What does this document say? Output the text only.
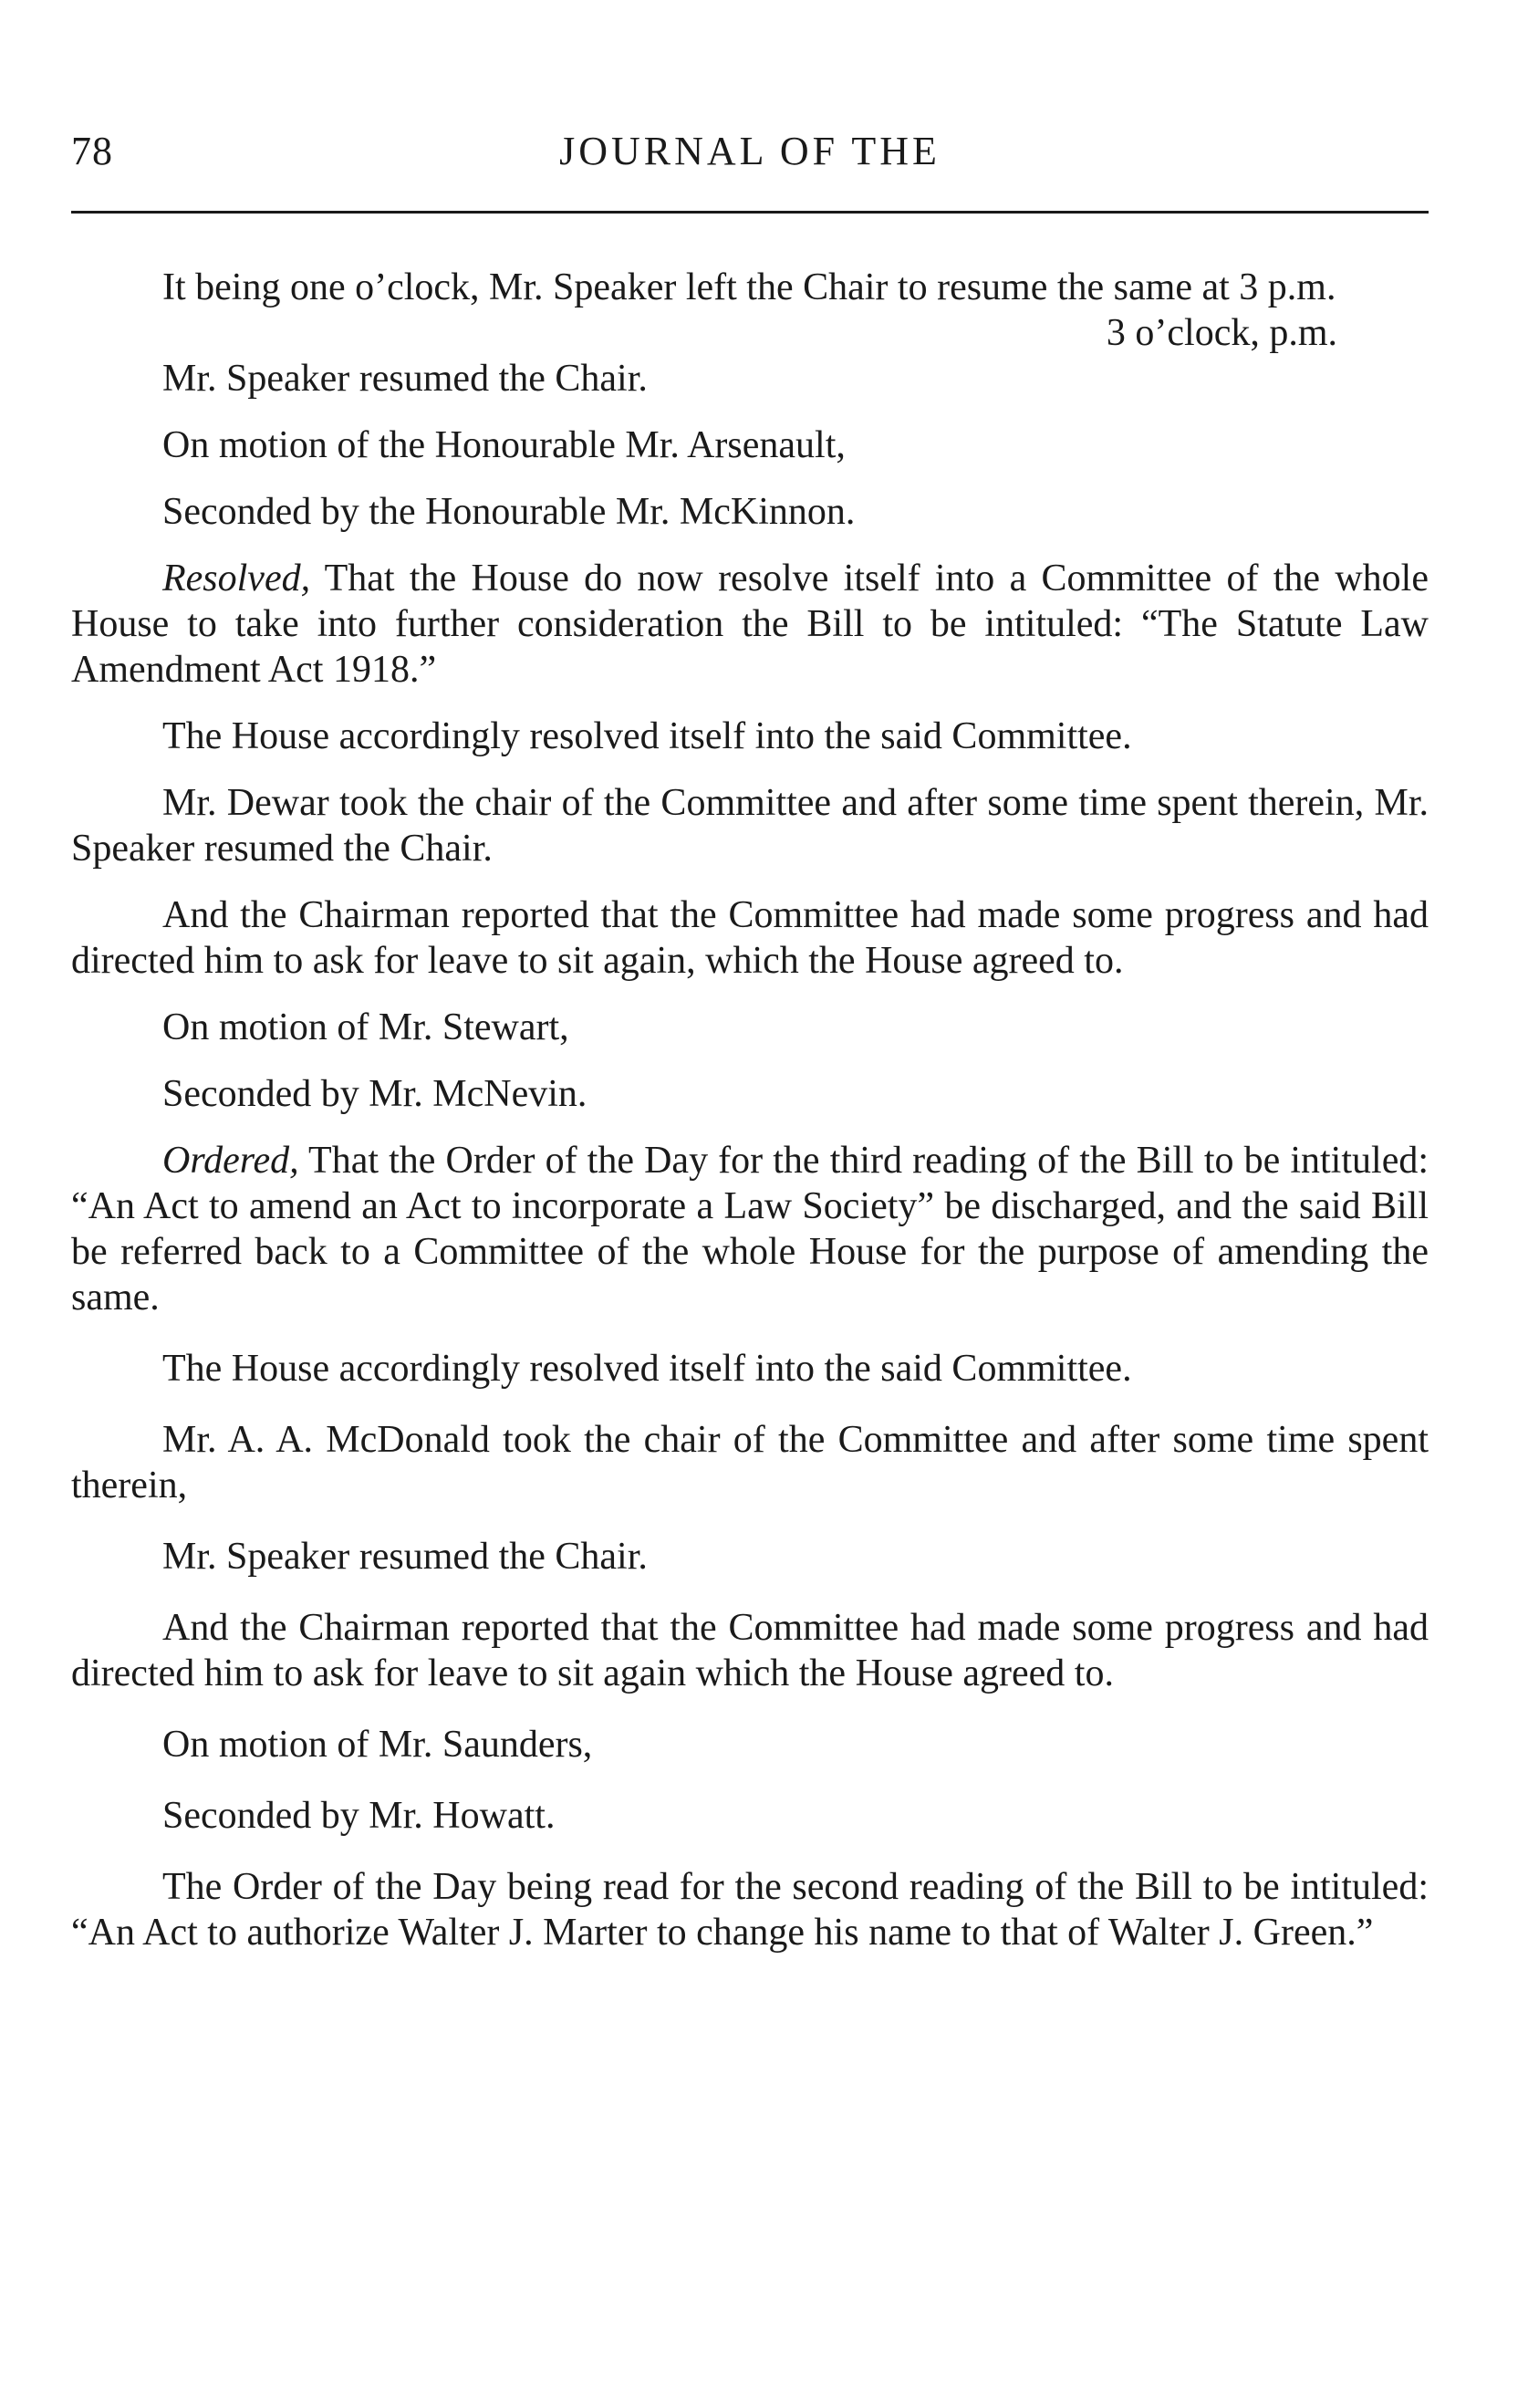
78	JOURNAL OF THE

It being one o’clock, Mr. Speaker left the Chair to resume the same at 3 p.m.

3 o’clock, p.m.

Mr. Speaker resumed the Chair.

On motion of the Honourable Mr. Arsenault,

Seconded by the Honourable Mr. McKinnon.

Resolved, That the House do now resolve itself into a Committee of the whole House to take into further consideration the Bill to be intituled: “The Statute Law Amendment Act 1918.”

The House accordingly resolved itself into the said Committee.

Mr. Dewar took the chair of the Committee and after some time spent therein, Mr. Speaker resumed the Chair.

And the Chairman reported that the Committee had made some progress and had directed him to ask for leave to sit again, which the House agreed to.

On motion of Mr. Stewart,

Seconded by Mr. McNevin.

Ordered, That the Order of the Day for the third reading of the Bill to be intituled: “An Act to amend an Act to incorporate a Law Society” be discharged, and the said Bill be referred back to a Committee of the whole House for the purpose of amending the same.

The House accordingly resolved itself into the said Committee.

Mr. A. A. McDonald took the chair of the Committee and after some time spent therein,

Mr. Speaker resumed the Chair.

And the Chairman reported that the Committee had made some progress and had directed him to ask for leave to sit again which the House agreed to.

On motion of Mr. Saunders,

Seconded by Mr. Howatt.

The Order of the Day being read for the second reading of the Bill to be intituled: “An Act to authorize Walter J. Marter to change his name to that of Walter J. Green.”
